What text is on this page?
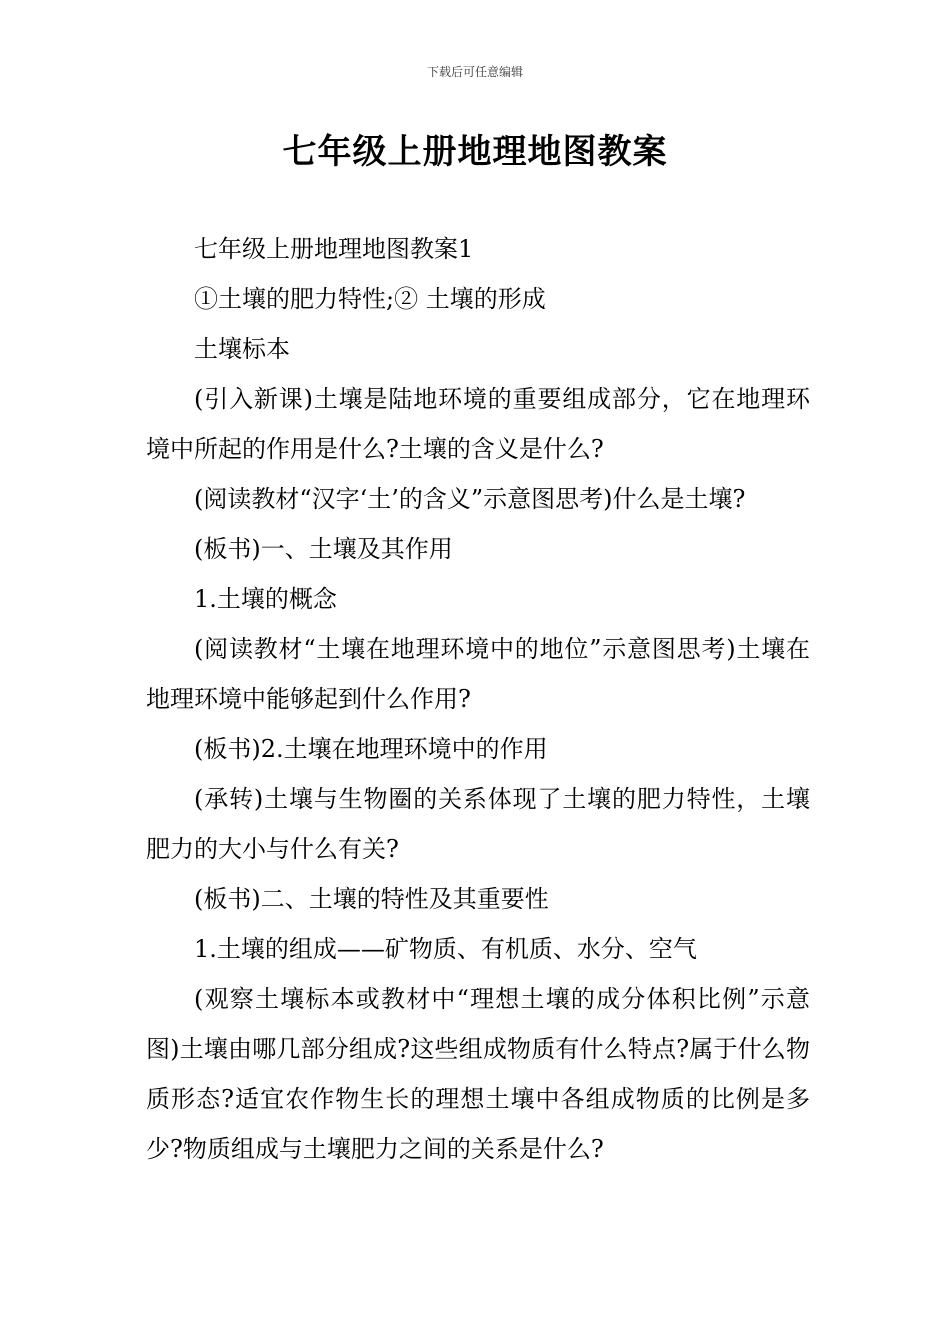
下载后可任意编辑
七年级上册地理地图教案

七年级上册地理地图教案1

①土壤的肥力特性;② 土壤的形成

土壤标本

(引入新课)土壤是陆地环境的重要组成部分，它在地理环境中所起的作用是什么?土壤的含义是什么?

(阅读教材“汉字‘土’的含义”示意图思考)什么是土壤?

(板书)一、土壤及其作用

1.土壤的概念

(阅读教材“土壤在地理环境中的地位”示意图思考)土壤在地理环境中能够起到什么作用?

(板书)2.土壤在地理环境中的作用

(承转)土壤与生物圈的关系体现了土壤的肥力特性，土壤肥力的大小与什么有关?

(板书)二、土壤的特性及其重要性

1.土壤的组成——矿物质、有机质、水分、空气

(观察土壤标本或教材中“理想土壤的成分体积比例”示意图)土壤由哪几部分组成?这些组成物质有什么特点?属于什么物质形态?适宜农作物生长的理想土壤中各组成物质的比例是多少?物质组成与土壤肥力之间的关系是什么?
